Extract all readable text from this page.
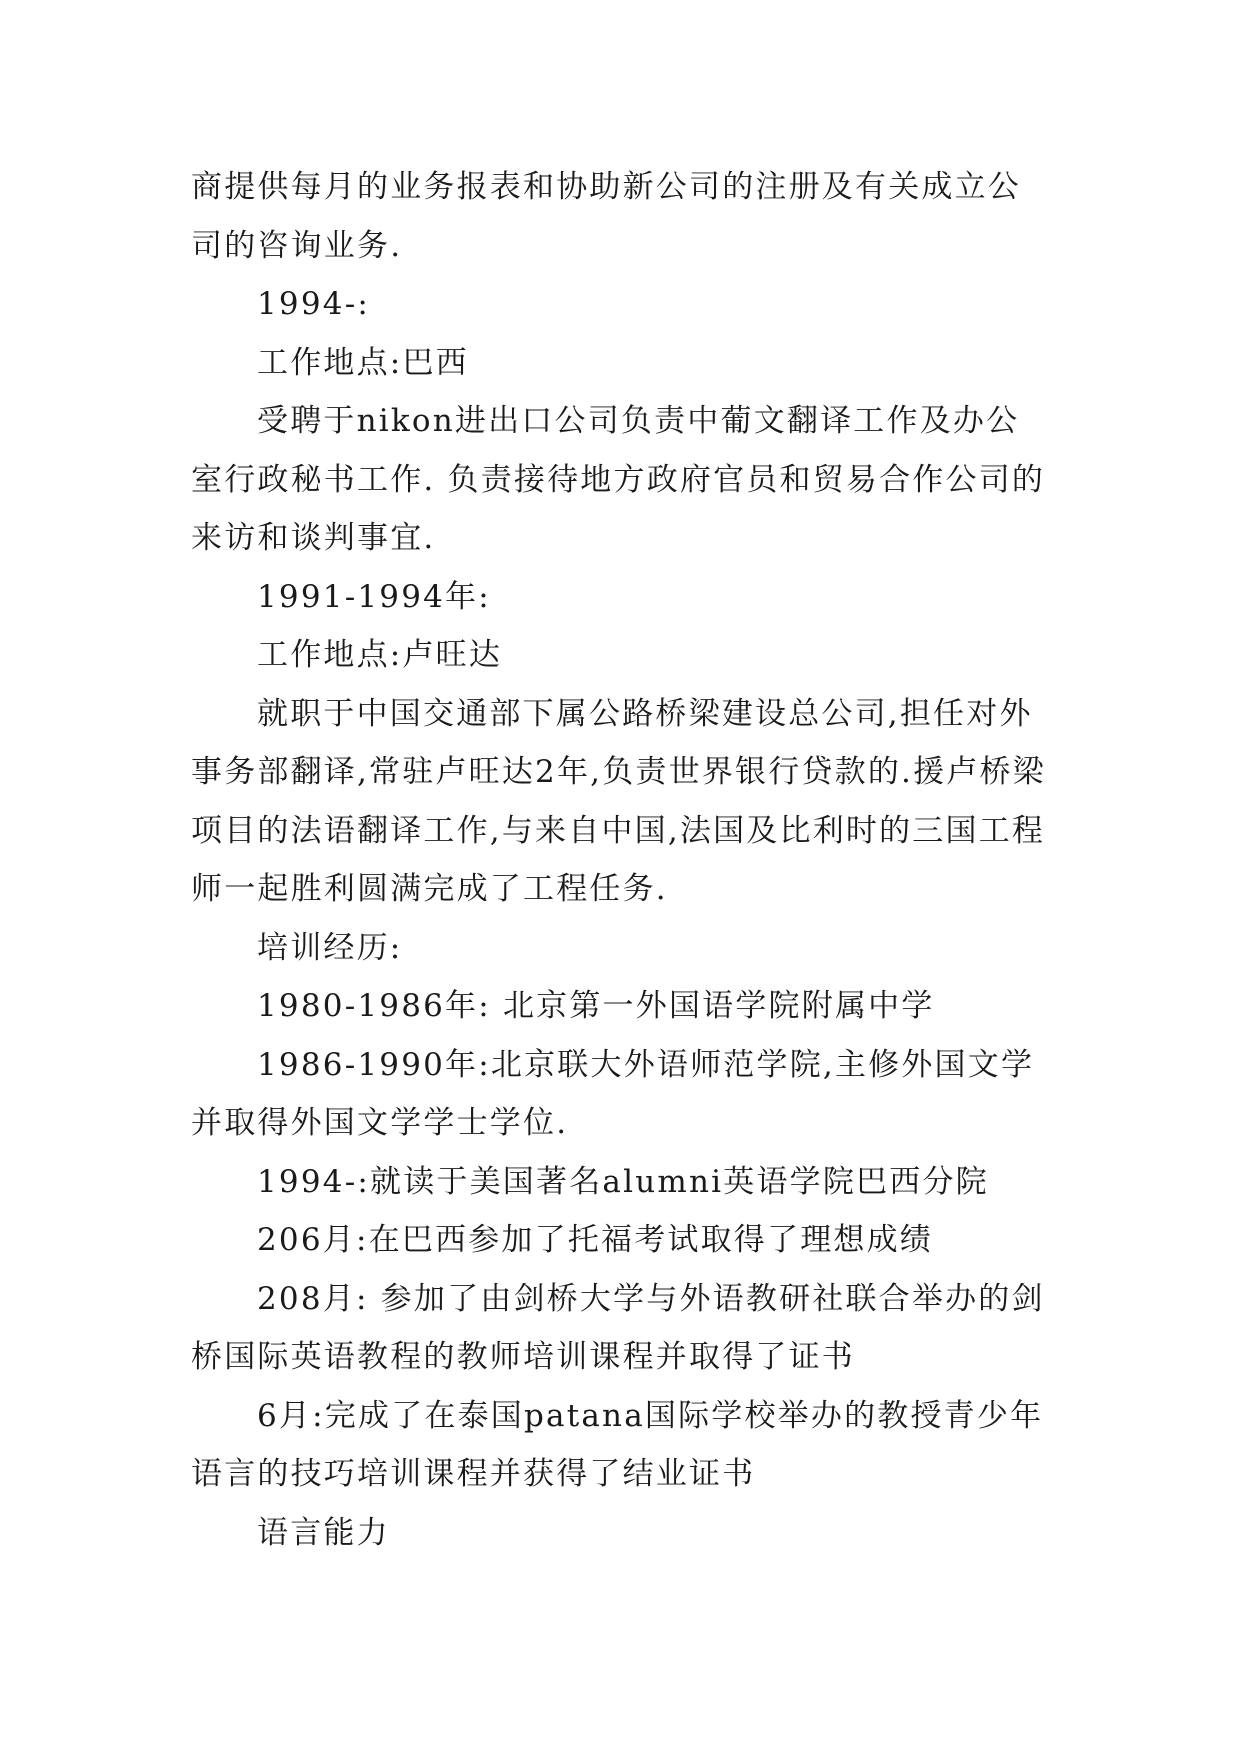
商提供每月的业务报表和协助新公司的注册及有关成立公司的咨询业务.

1994-:

工作地点:巴西

受聘于nikon进出口公司负责中葡文翻译工作及办公室行政秘书工作. 负责接待地方政府官员和贸易合作公司的来访和谈判事宜.

1991-1994年:

工作地点:卢旺达

就职于中国交通部下属公路桥梁建设总公司,担任对外事务部翻译,常驻卢旺达2年,负责世界银行贷款的.援卢桥梁项目的法语翻译工作,与来自中国,法国及比利时的三国工程师一起胜利圆满完成了工程任务.

培训经历:

1980-1986年: 北京第一外国语学院附属中学

1986-1990年:北京联大外语师范学院,主修外国文学并取得外国文学学士学位.

1994-:就读于美国著名alumni英语学院巴西分院

206月:在巴西参加了托福考试取得了理想成绩

208月: 参加了由剑桥大学与外语教研社联合举办的剑桥国际英语教程的教师培训课程并取得了证书

6月:完成了在泰国patana国际学校举办的教授青少年语言的技巧培训课程并获得了结业证书

语言能力
